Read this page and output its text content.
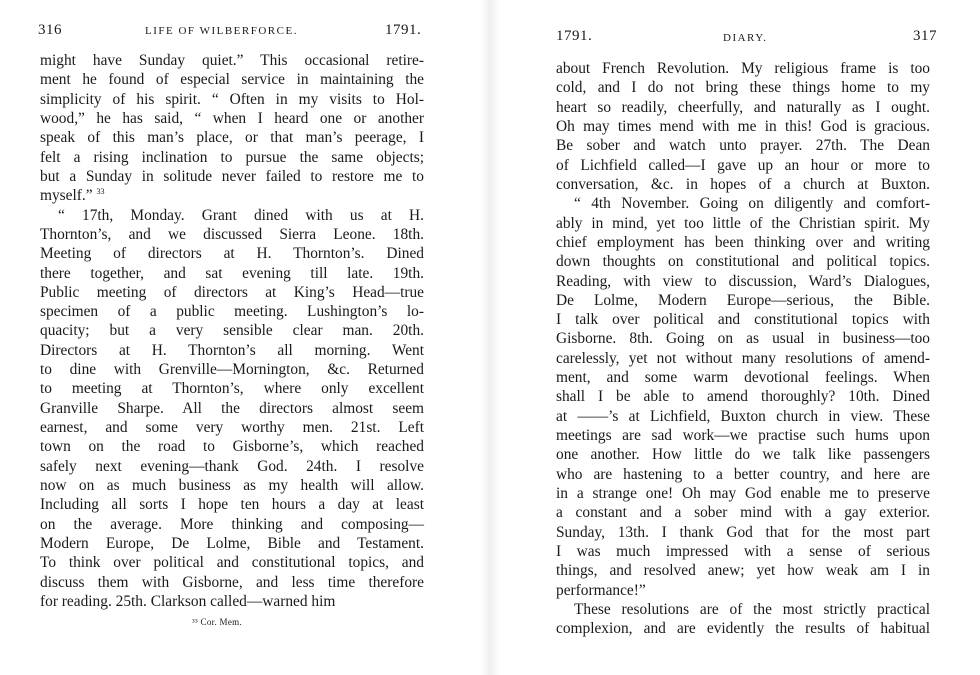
316	LIFE OF WILBERFORCE.	1791.
might have Sunday quiet.” This occasional retire-
ment he found of especial service in maintaining the
simplicity of his spirit. “ Often in my visits to Hol-
wood,” he has said, “ when I heard one or another
speak of this man’s place, or that man’s peerage, I
felt a rising inclination to pursue the same objects;
but a Sunday in solitude never failed to restore me to
myself.” $^{33}$
“ 17th, Monday. Grant dined with us at H.
Thornton’s, and we discussed Sierra Leone. 18th.
Meeting of directors at H. Thornton’s. Dined
there together, and sat evening till late. 19th.
Public meeting of directors at King’s Head—true
specimen of a public meeting. Lushington’s lo-
quacity; but a very sensible clear man. 20th.
Directors at H. Thornton’s all morning. Went
to dine with Grenville—Mornington, &c. Returned
to meeting at Thornton’s, where only excellent
Granville Sharpe. All the directors almost seem
earnest, and some very worthy men. 21st. Left
town on the road to Gisborne’s, which reached
safely next evening—thank God. 24th. I resolve
now on as much business as my health will allow.
Including all sorts I hope ten hours a day at least
on the average. More thinking and composing—
Modern Europe, De Lolme, Bible and Testament.
To think over political and constitutional topics, and
discuss them with Gisborne, and less time therefore
for reading. 25th. Clarkson called—warned him
³³ Cor. Mem.
1791.	DIARY.	317
about French Revolution. My religious frame is too
cold, and I do not bring these things home to my
heart so readily, cheerfully, and naturally as I ought.
Oh may times mend with me in this! God is gracious.
Be sober and watch unto prayer. 27th. The Dean
of Lichfield called—I gave up an hour or more to
conversation, &c. in hopes of a church at Buxton.
“ 4th November. Going on diligently and comfort-
ably in mind, yet too little of the Christian spirit. My
chief employment has been thinking over and writing
down thoughts on constitutional and political topics.
Reading, with view to discussion, Ward’s Dialogues,
De Lolme, Modern Europe—serious, the Bible.
I talk over political and constitutional topics with
Gisborne. 8th. Going on as usual in business—too
carelessly, yet not without many resolutions of amend-
ment, and some warm devotional feelings. When
shall I be able to amend thoroughly? 10th. Dined
at ——’s at Lichfield, Buxton church in view. These
meetings are sad work—we practise such hums upon
one another. How little do we talk like passengers
who are hastening to a better country, and here are
in a strange one! Oh may God enable me to preserve
a constant and a sober mind with a gay exterior.
Sunday, 13th. I thank God that for the most part
I was much impressed with a sense of serious
things, and resolved anew; yet how weak am I in
performance!”
These resolutions are of the most strictly practical
complexion, and are evidently the results of habitual
